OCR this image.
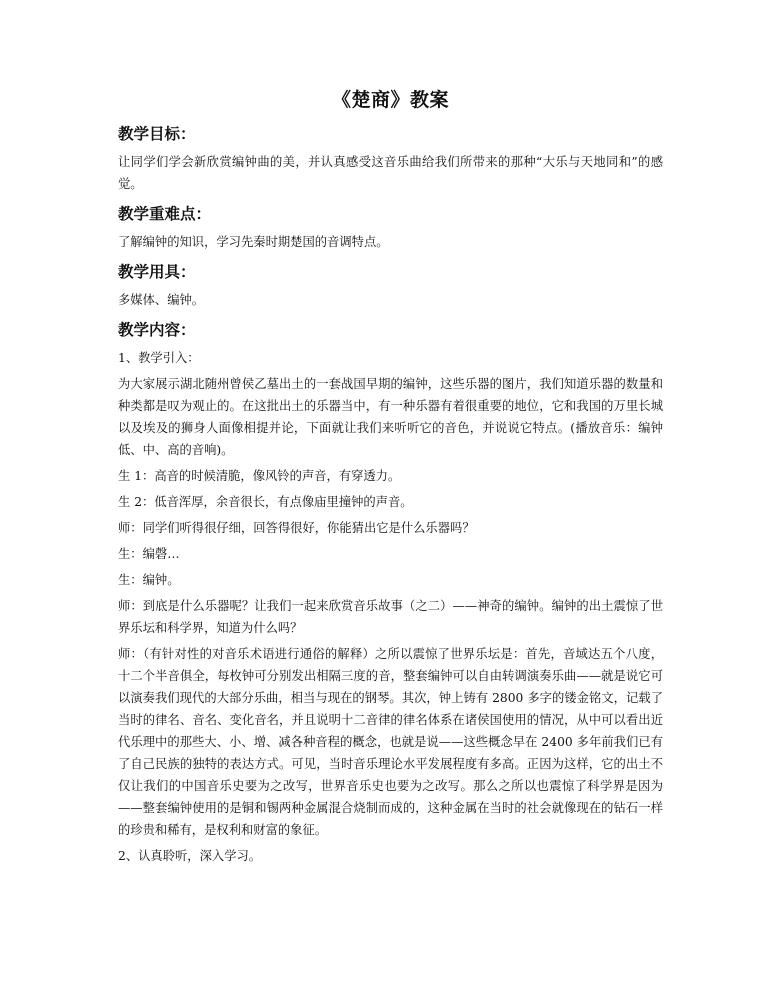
《楚商》教案
教学目标：

让同学们学会新欣赏编钟曲的美，并认真感受这音乐曲给我们所带来的那种“大乐与天地同和”的感觉。

教学重难点：

了解编钟的知识，学习先秦时期楚国的音调特点。

教学用具：

多媒体、编钟。

教学内容：

1、教学引入：

为大家展示湖北随州曾侯乙墓出土的一套战国早期的编钟，这些乐器的图片，我们知道乐器的数量和种类都是叹为观止的。在这批出土的乐器当中，有一种乐器有着很重要的地位，它和我国的万里长城以及埃及的狮身人面像相提并论，下面就让我们来听听它的音色，并说说它特点。(播放音乐：编钟低、中、高的音响)。

生 1：高音的时候清脆，像风铃的声音，有穿透力。

生 2：低音浑厚，余音很长，有点像庙里撞钟的声音。

师：同学们听得很仔细，回答得很好，你能猜出它是什么乐器吗？

生：编磬…

生：编钟。

师：到底是什么乐器呢？让我们一起来欣赏音乐故事（之二）——神奇的编钟。编钟的出土震惊了世界乐坛和科学界，知道为什么吗？

师：（有针对性的对音乐术语进行通俗的解释）之所以震惊了世界乐坛是：首先，音域达五个八度，十二个半音俱全，每枚钟可分别发出相隔三度的音，整套编钟可以自由转调演奏乐曲——就是说它可以演奏我们现代的大部分乐曲，相当与现在的钢琴。其次，钟上铸有 2800 多字的镂金铭文，记载了当时的律名、音名、变化音名，并且说明十二音律的律名体系在诸侯国使用的情况，从中可以看出近代乐理中的那些大、小、增、减各种音程的概念，也就是说——这些概念早在 2400 多年前我们已有了自己民族的独特的表达方式。可见，当时音乐理论水平发展程度有多高。正因为这样，它的出土不仅让我们的中国音乐史要为之改写，世界音乐史也要为之改写。那么之所以也震惊了科学界是因为——整套编钟使用的是铜和锡两种金属混合烧制而成的，这种金属在当时的社会就像现在的钻石一样的珍贵和稀有，是权利和财富的象征。

2、认真聆听，深入学习。
